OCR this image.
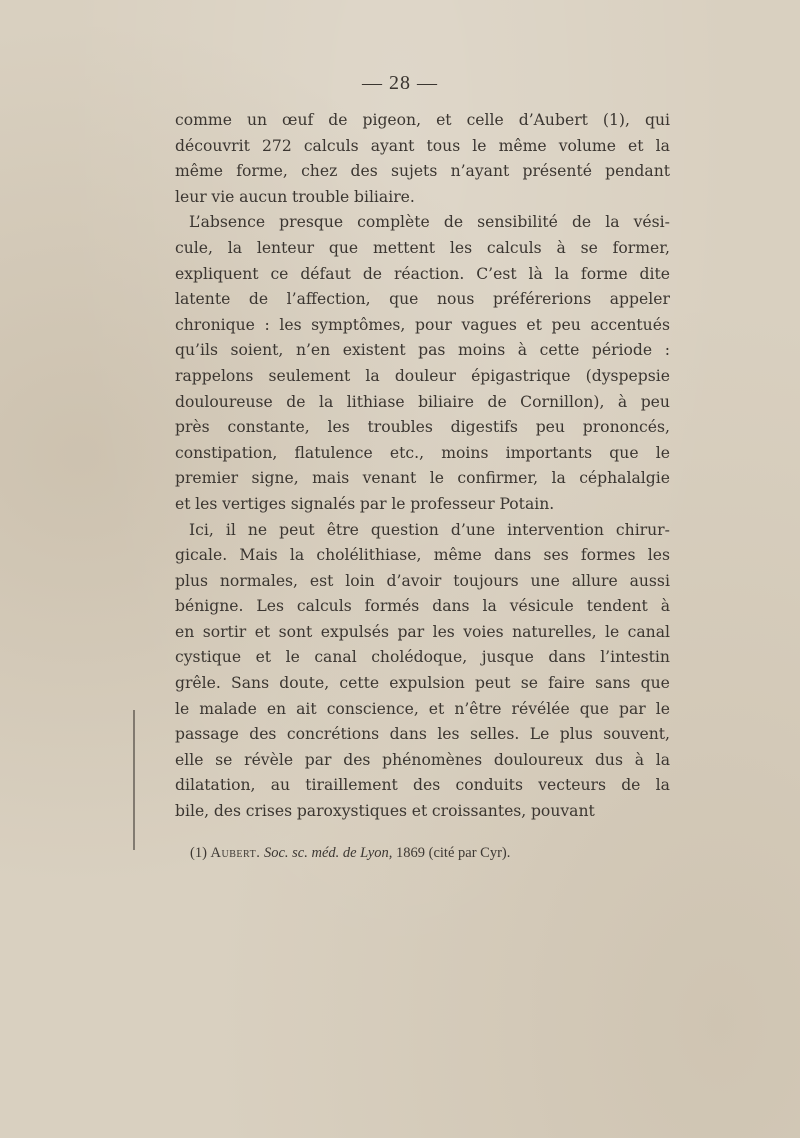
— 28 —
comme un œuf de pigeon, et celle d’Aubert (1), qui
découvrit 272 calculs ayant tous le même volume et la
même forme, chez des sujets n’ayant présenté pendant
leur vie aucun trouble biliaire.
L’absence presque complète de sensibilité de la vési-
cule, la lenteur que mettent les calculs à se former,
expliquent ce défaut de réaction. C’est là la forme dite
latente de l’affection, que nous préférerions appeler
chronique : les symptômes, pour vagues et peu accentués
qu’ils soient, n’en existent pas moins à cette période :
rappelons seulement la douleur épigastrique (dyspepsie
douloureuse de la lithiase biliaire de Cornillon), à peu
près constante, les troubles digestifs peu prononcés,
constipation, flatulence etc., moins importants que le
premier signe, mais venant le confirmer, la céphalalgie
et les vertiges signalés par le professeur Potain.
Ici, il ne peut être question d’une intervention chirur-
gicale. Mais la cholélithiase, même dans ses formes les
plus normales, est loin d’avoir toujours une allure aussi
bénigne. Les calculs formés dans la vésicule tendent à
en sortir et sont expulsés par les voies naturelles, le canal
cystique et le canal cholédoque, jusque dans l’intestin
grêle. Sans doute, cette expulsion peut se faire sans que
le malade en ait conscience, et n’être révélée que par le
passage des concrétions dans les selles. Le plus souvent,
elle se révèle par des phénomènes douloureux dus à la
dilatation, au tiraillement des conduits vecteurs de la
bile, des crises paroxystiques et croissantes, pouvant
(1) Aubert. Soc. sc. méd. de Lyon, 1869 (cité par Cyr).
